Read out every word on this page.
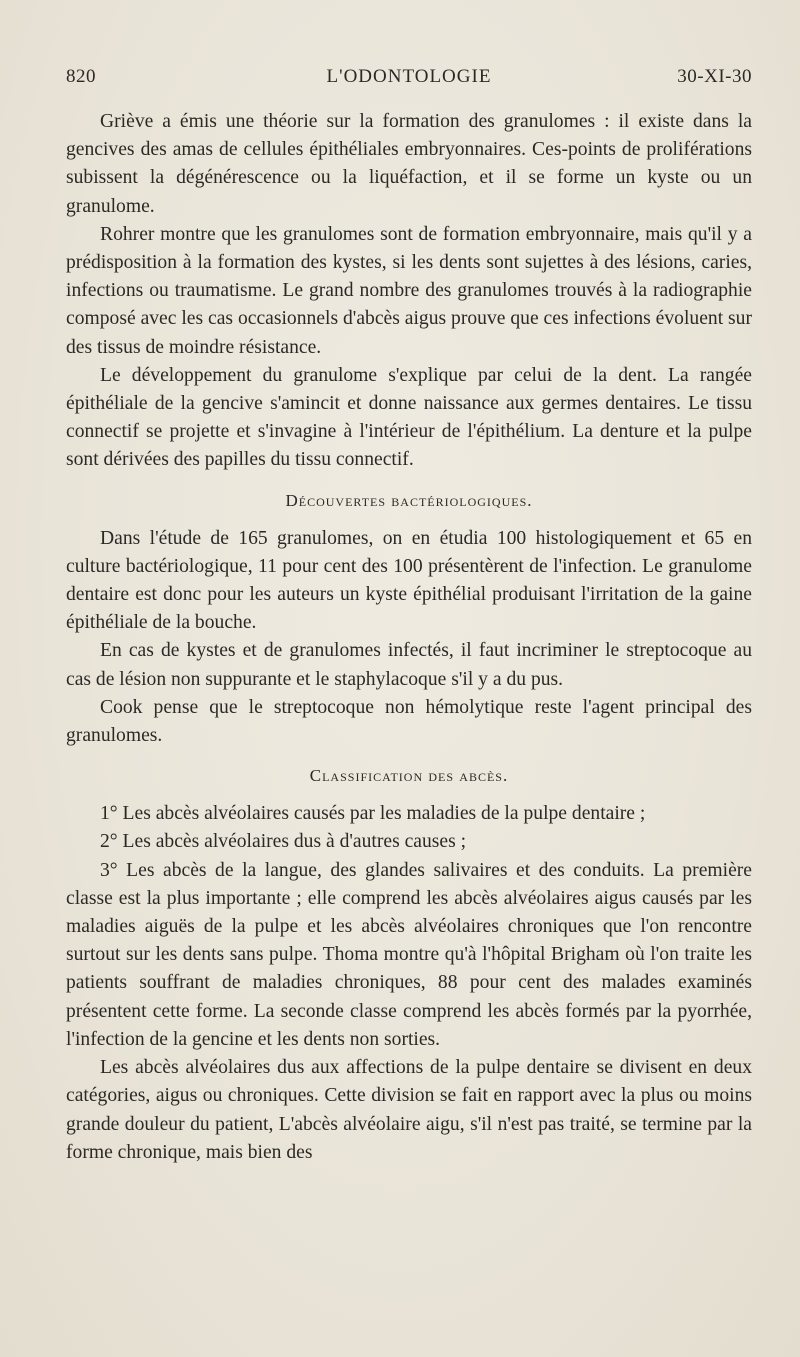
820	L'ODONTOLOGIE	30-XI-30

Griève a émis une théorie sur la formation des granulomes : il existe dans la gencives des amas de cellules épithéliales embryonnaires. Ces-points de proliférations subissent la dégénérescence ou la liquéfaction, et il se forme un kyste ou un granulome.

Rohrer montre que les granulomes sont de formation embryonnaire, mais qu'il y a prédisposition à la formation des kystes, si les dents sont sujettes à des lésions, caries, infections ou traumatisme. Le grand nombre des granulomes trouvés à la radiographie composé avec les cas occasionnels d'abcès aigus prouve que ces infections évoluent sur des tissus de moindre résistance.

Le développement du granulome s'explique par celui de la dent. La rangée épithéliale de la gencive s'amincit et donne naissance aux germes dentaires. Le tissu connectif se projette et s'invagine à l'intérieur de l'épithélium. La denture et la pulpe sont dérivées des papilles du tissu connectif.

Découvertes bactériologiques.

Dans l'étude de 165 granulomes, on en étudia 100 histologiquement et 65 en culture bactériologique, 11 pour cent des 100 présentèrent de l'infection. Le granulome dentaire est donc pour les auteurs un kyste épithélial produisant l'irritation de la gaine épithéliale de la bouche.

En cas de kystes et de granulomes infectés, il faut incriminer le streptocoque au cas de lésion non suppurante et le staphylacoque s'il y a du pus.

Cook pense que le streptocoque non hémolytique reste l'agent principal des granulomes.

Classification des abcès.

1° Les abcès alvéolaires causés par les maladies de la pulpe dentaire ;

2° Les abcès alvéolaires dus à d'autres causes ;

3° Les abcès de la langue, des glandes salivaires et des conduits. La première classe est la plus importante ; elle comprend les abcès alvéolaires aigus causés par les maladies aiguës de la pulpe et les abcès alvéolaires chroniques que l'on rencontre surtout sur les dents sans pulpe. Thoma montre qu'à l'hôpital Brigham où l'on traite les patients souffrant de maladies chroniques, 88 pour cent des malades examinés présentent cette forme. La seconde classe comprend les abcès formés par la pyorrhée, l'infection de la gencine et les dents non sorties.

Les abcès alvéolaires dus aux affections de la pulpe dentaire se divisent en deux catégories, aigus ou chroniques. Cette division se fait en rapport avec la plus ou moins grande douleur du patient, L'abcès alvéolaire aigu, s'il n'est pas traité, se termine par la forme chronique, mais bien des
